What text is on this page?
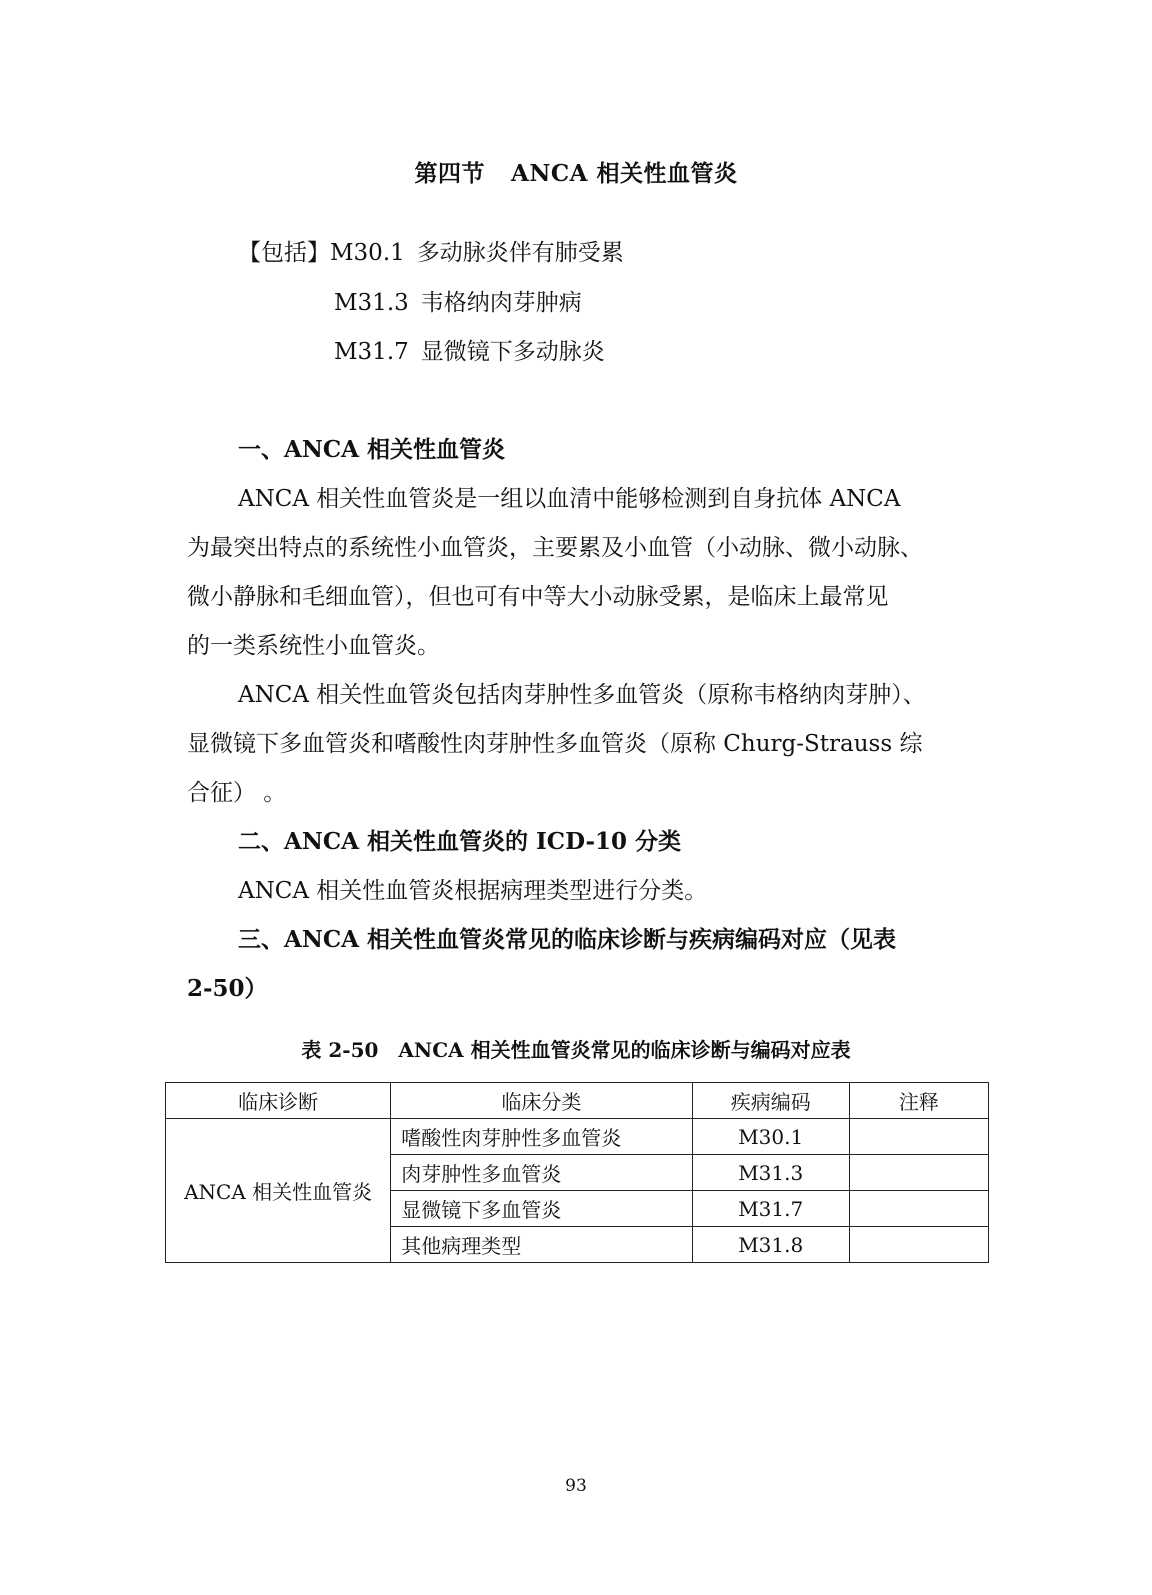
第四节 ANCA 相关性血管炎
【包括】M30.1 多动脉炎伴有肺受累
M31.3 韦格纳肉芽肿病
M31.7 显微镜下多动脉炎
一、ANCA 相关性血管炎
ANCA 相关性血管炎是一组以血清中能够检测到自身抗体 ANCA
为最突出特点的系统性小血管炎，主要累及小血管（小动脉、微小动脉、
微小静脉和毛细血管），但也可有中等大小动脉受累，是临床上最常见
的一类系统性小血管炎。
ANCA 相关性血管炎包括肉芽肿性多血管炎（原称韦格纳肉芽肿）、
显微镜下多血管炎和嗜酸性肉芽肿性多血管炎（原称 Churg-Strauss 综
合征） 。
二、ANCA 相关性血管炎的 ICD-10 分类
ANCA 相关性血管炎根据病理类型进行分类。
三、ANCA 相关性血管炎常见的临床诊断与疾病编码对应（见表
2-50）
表 2-50 ANCA 相关性血管炎常见的临床诊断与编码对应表
临床诊断	临床分类	疾病编码	注释
ANCA 相关性血管炎	嗜酸性肉芽肿性多血管炎	M30.1	
	肉芽肿性多血管炎	M31.3	
	显微镜下多血管炎	M31.7	
	其他病理类型	M31.8	
93
